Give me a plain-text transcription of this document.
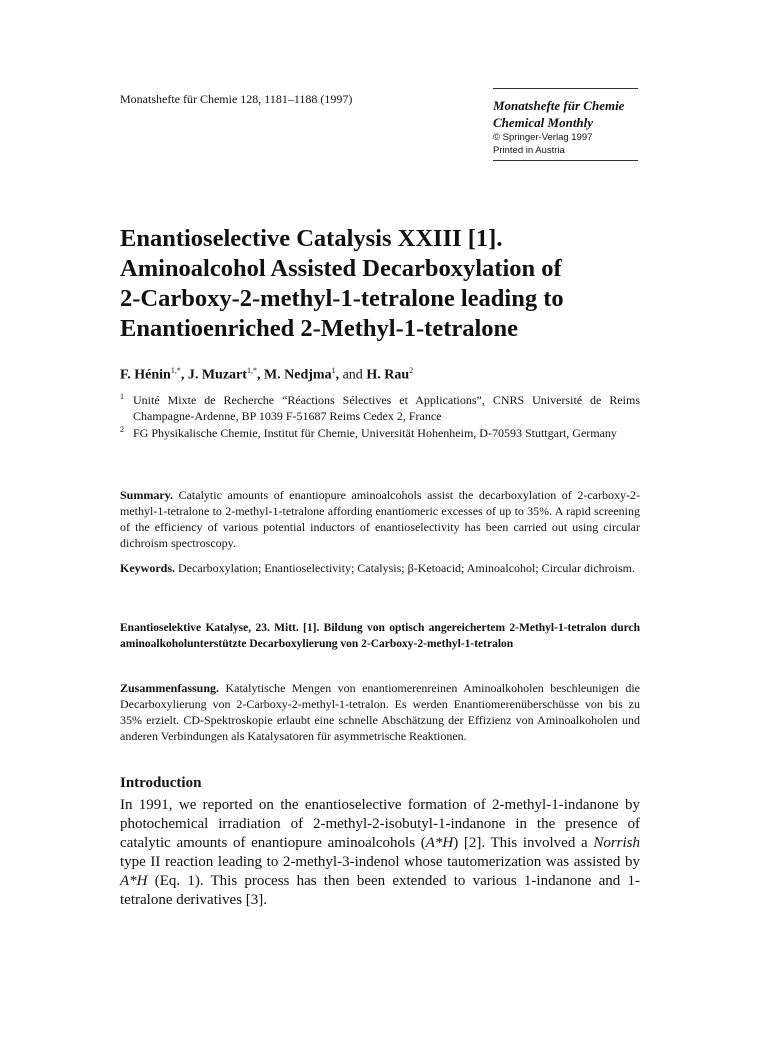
Monatshefte für Chemie 128, 1181–1188 (1997)	Monatshefte für Chemie
Chemical Monthly
© Springer-Verlag 1997
Printed in Austria
Enantioselective Catalysis XXIII [1].
Aminoalcohol Assisted Decarboxylation of
2-Carboxy-2-methyl-1-tetralone leading to
Enantioenriched 2-Methyl-1-tetralone
F. Hénin$^{1,*}$, J. Muzart$^{1,*}$, M. Nedjma$^1$, and H. Rau$^2$
1 Unité Mixte de Recherche “Réactions Sélectives et Applications”, CNRS Université de Reims Champagne-Ardenne, BP 1039 F-51687 Reims Cedex 2, France
2 FG Physikalische Chemie, Institut für Chemie, Universität Hohenheim, D-70593 Stuttgart, Germany

Summary. Catalytic amounts of enantiopure aminoalcohols assist the decarboxylation of 2-carboxy-2-methyl-1-tetralone to 2-methyl-1-tetralone affording enantiomeric excesses of up to 35%. A rapid screening of the efficiency of various potential inductors of enantioselectivity has been carried out using circular dichroism spectroscopy.

Keywords. Decarboxylation; Enantioselectivity; Catalysis; β-Ketoacid; Aminoalcohol; Circular dichroism.

Enantioselektive Katalyse, 23. Mitt. [1]. Bildung von optisch angereichertem 2-Methyl-1-tetralon durch aminoalkoholunterstützte Decarboxylierung von 2-Carboxy-2-methyl-1-tetralon

Zusammenfassung. Katalytische Mengen von enantiomerenreinen Aminoalkoholen beschleunigen die Decarboxylierung von 2-Carboxy-2-methyl-1-tetralon. Es werden Enantiomerenüberschüsse von bis zu 35% erzielt. CD-Spektroskopie erlaubt eine schnelle Abschätzung der Effizienz von Aminoalkoholen und anderen Verbindungen als Katalysatoren für asymmetrische Reaktionen.

Introduction

In 1991, we reported on the enantioselective formation of 2-methyl-1-indanone by photochemical irradiation of 2-methyl-2-isobutyl-1-indanone in the presence of catalytic amounts of enantiopure aminoalcohols (A*H) [2]. This involved a Norrish type II reaction leading to 2-methyl-3-indenol whose tautomerization was assisted by A*H (Eq. 1). This process has then been extended to various 1-indanone and 1-tetralone derivatives [3].
